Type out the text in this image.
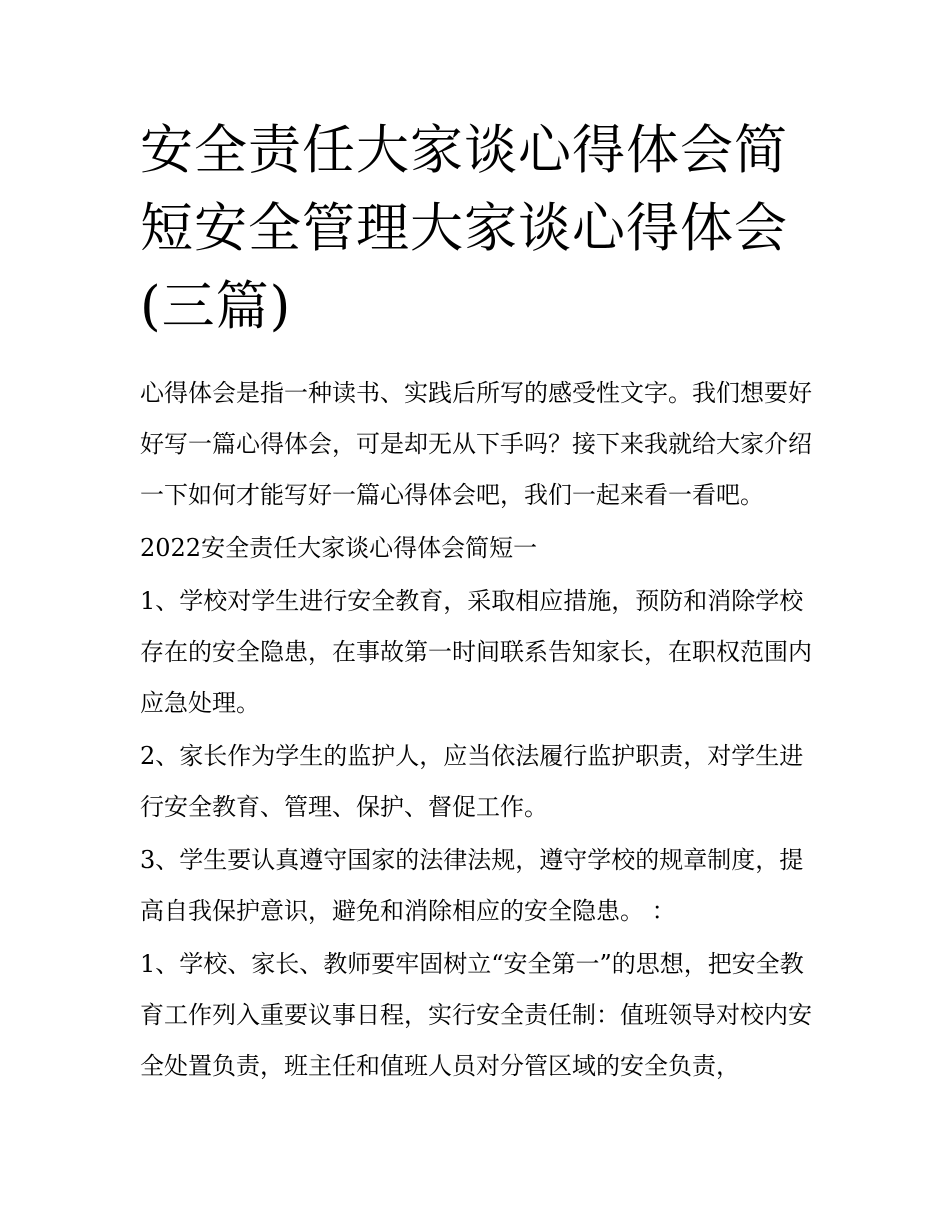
安全责任大家谈心得体会简短安全管理大家谈心得体会(三篇)

心得体会是指一种读书、实践后所写的感受性文字。我们想要好好写一篇心得体会，可是却无从下手吗？接下来我就给大家介绍一下如何才能写好一篇心得体会吧，我们一起来看一看吧。

2022安全责任大家谈心得体会简短一

1、学校对学生进行安全教育，采取相应措施，预防和消除学校存在的安全隐患，在事故第一时间联系告知家长，在职权范围内应急处理。

2、家长作为学生的监护人，应当依法履行监护职责，对学生进行安全教育、管理、保护、督促工作。

3、学生要认真遵守国家的法律法规，遵守学校的规章制度，提高自我保护意识，避免和消除相应的安全隐患。 ：

1、学校、家长、教师要牢固树立“安全第一”的思想，把安全教育工作列入重要议事日程，实行安全责任制：值班领导对校内安全处置负责，班主任和值班人员对分管区域的安全负责，
